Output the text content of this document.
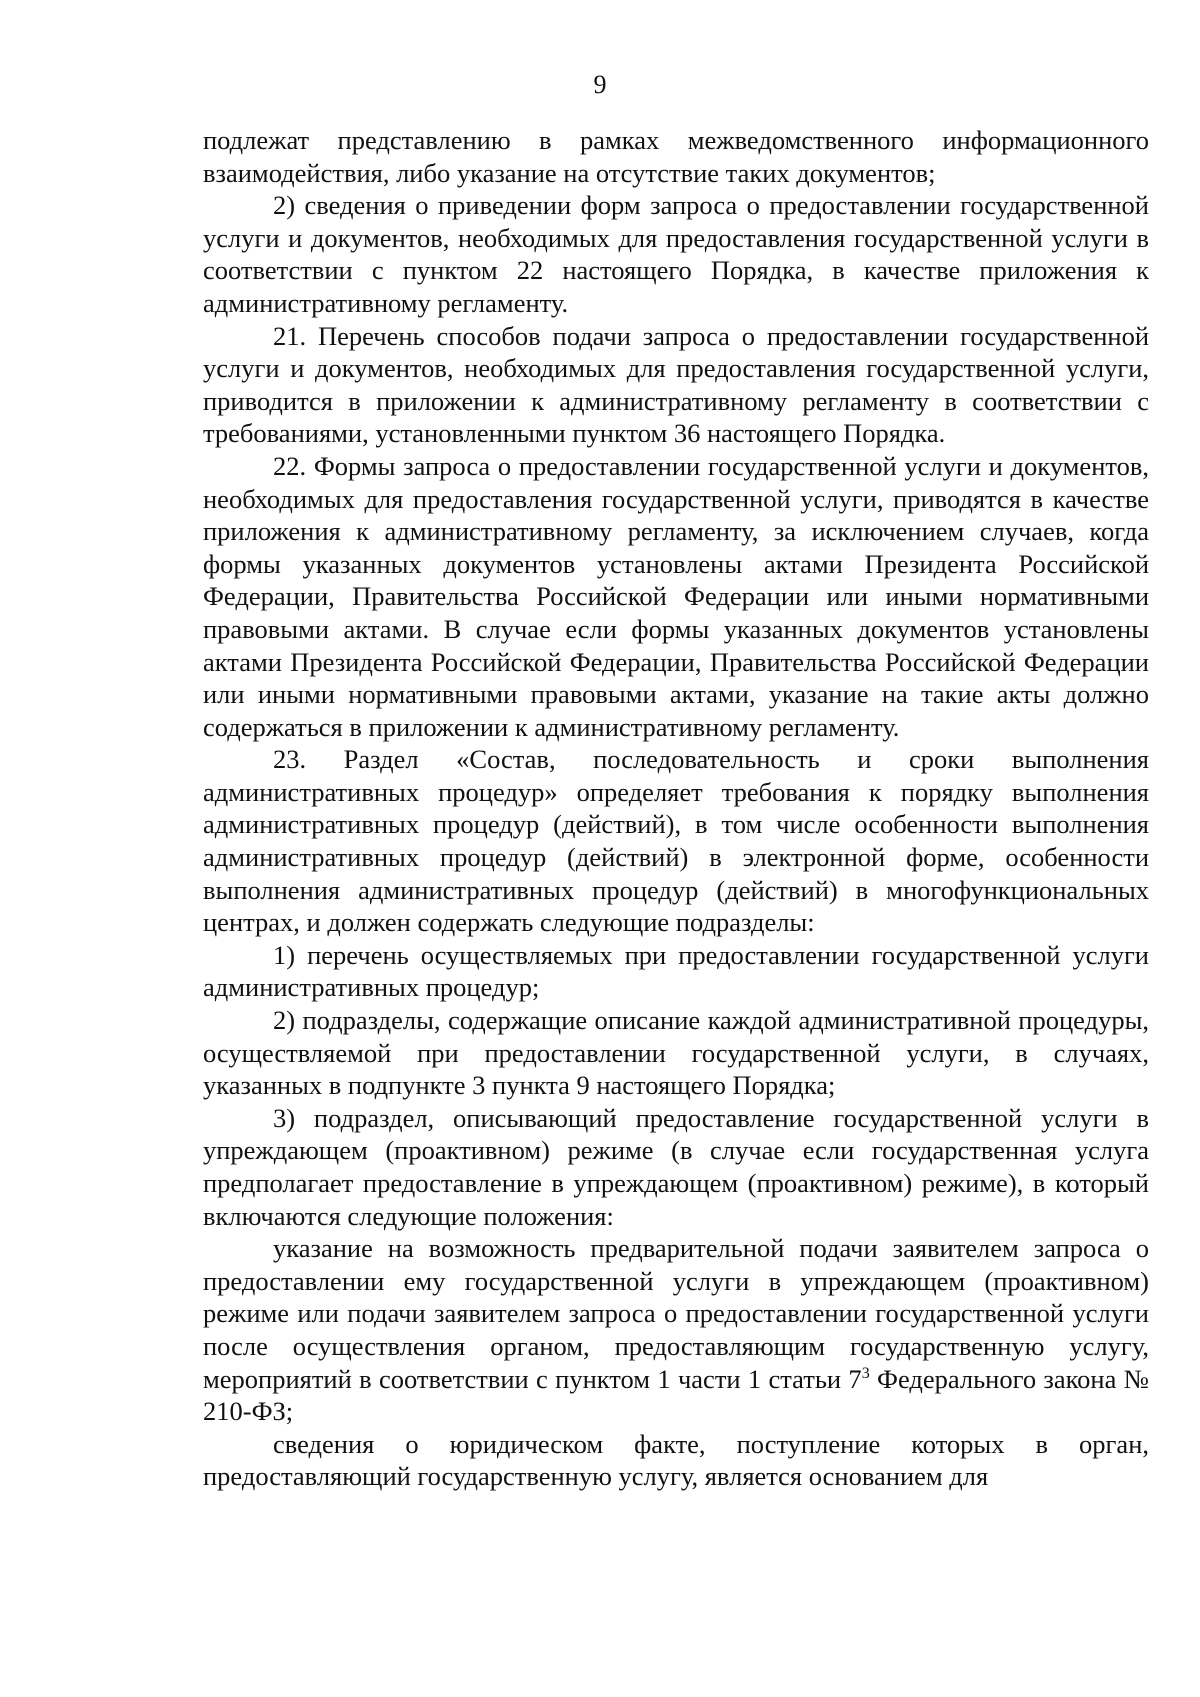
9

подлежат представлению в рамках межведомственного информационного взаимодействия, либо указание на отсутствие таких документов;

2) сведения о приведении форм запроса о предоставлении государственной услуги и документов, необходимых для предоставления государственной услуги в соответствии с пунктом 22 настоящего Порядка, в качестве приложения к административному регламенту.

21. Перечень способов подачи запроса о предоставлении государственной услуги и документов, необходимых для предоставления государственной услуги, приводится в приложении к административному регламенту в соответствии с требованиями, установленными пунктом 36 настоящего Порядка.

22. Формы запроса о предоставлении государственной услуги и документов, необходимых для предоставления государственной услуги, приводятся в качестве приложения к административному регламенту, за исключением случаев, когда формы указанных документов установлены актами Президента Российской Федерации, Правительства Российской Федерации или иными нормативными правовыми актами. В случае если формы указанных документов установлены актами Президента Российской Федерации, Правительства Российской Федерации или иными нормативными правовыми актами, указание на такие акты должно содержаться в приложении к административному регламенту.

23. Раздел «Состав, последовательность и сроки выполнения административных процедур» определяет требования к порядку выполнения административных процедур (действий), в том числе особенности выполнения административных процедур (действий) в электронной форме, особенности выполнения административных процедур (действий) в многофункциональных центрах, и должен содержать следующие подразделы:

1) перечень осуществляемых при предоставлении государственной услуги административных процедур;

2) подразделы, содержащие описание каждой административной процедуры, осуществляемой при предоставлении государственной услуги, в случаях, указанных в подпункте 3 пункта 9 настоящего Порядка;

3) подраздел, описывающий предоставление государственной услуги в упреждающем (проактивном) режиме (в случае если государственная услуга предполагает предоставление в упреждающем (проактивном) режиме), в который включаются следующие положения:

указание на возможность предварительной подачи заявителем запроса о предоставлении ему государственной услуги в упреждающем (проактивном) режиме или подачи заявителем запроса о предоставлении государственной услуги после осуществления органом, предоставляющим государственную услугу, мероприятий в соответствии с пунктом 1 части 1 статьи $7^3$ Федерального закона № 210-ФЗ;

сведения о юридическом факте, поступление которых в орган, предоставляющий государственную услугу, является основанием для
